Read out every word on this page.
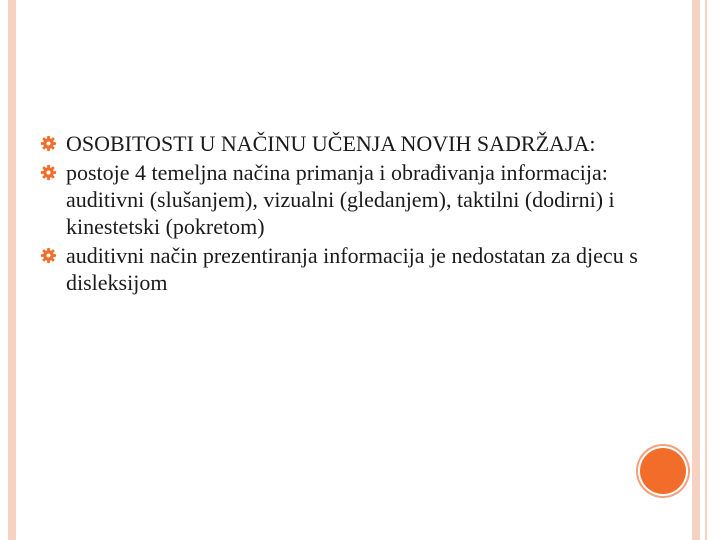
OSOBITOSTI U NAČINU UČENJA NOVIH SADRŽAJA:

postoje 4 temeljna načina primanja i obrađivanja informacija: auditivni (slušanjem), vizualni (gledanjem), taktilni (dodirni) i kinestetski (pokretom)

auditivni način prezentiranja informacija je nedostatan za djecu s disleksijom
